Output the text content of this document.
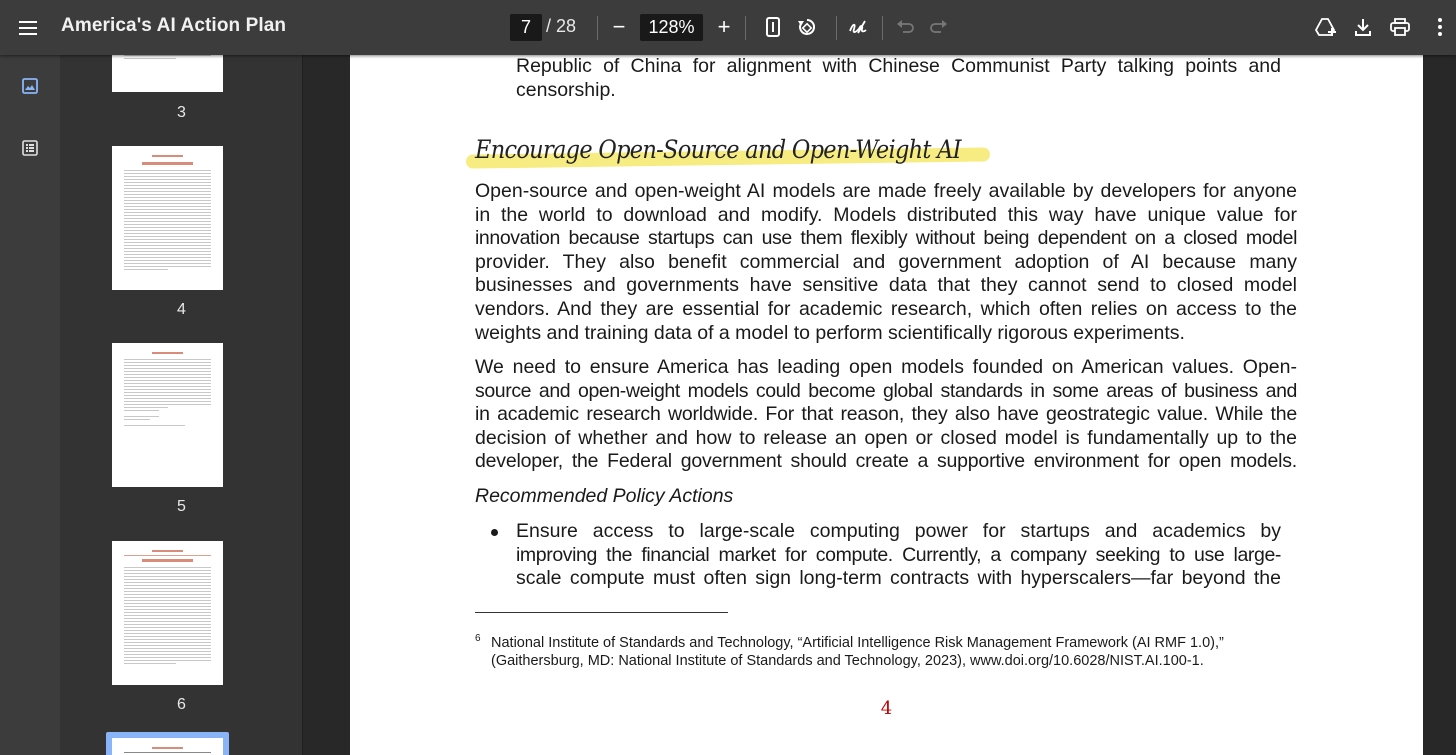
America's AI Action Plan	7 / 28 −	128%	+
3
4
5
6
Republic of China for alignment with Chinese Communist Party talking points and
censorship.
Encourage Open-Source and Open-Weight AI
Open-source and open-weight AI models are made freely available by developers for anyone
in the world to download and modify. Models distributed this way have unique value for
innovation because startups can use them flexibly without being dependent on a closed model
provider. They also benefit commercial and government adoption of AI because many
businesses and governments have sensitive data that they cannot send to closed model
vendors. And they are essential for academic research, which often relies on access to the
weights and training data of a model to perform scientifically rigorous experiments.
We need to ensure America has leading open models founded on American values. Open-
source and open-weight models could become global standards in some areas of business and
in academic research worldwide. For that reason, they also have geostrategic value. While the
decision of whether and how to release an open or closed model is fundamentally up to the
developer, the Federal government should create a supportive environment for open models.
Recommended Policy Actions
Ensure access to large-scale computing power for startups and academics by
improving the financial market for compute. Currently, a company seeking to use large-
scale compute must often sign long-term contracts with hyperscalers—far beyond the
6 National Institute of Standards and Technology, “Artificial Intelligence Risk Management Framework (AI RMF 1.0),”
(Gaithersburg, MD: National Institute of Standards and Technology, 2023), www.doi.org/10.6028/NIST.AI.100-1.
4
